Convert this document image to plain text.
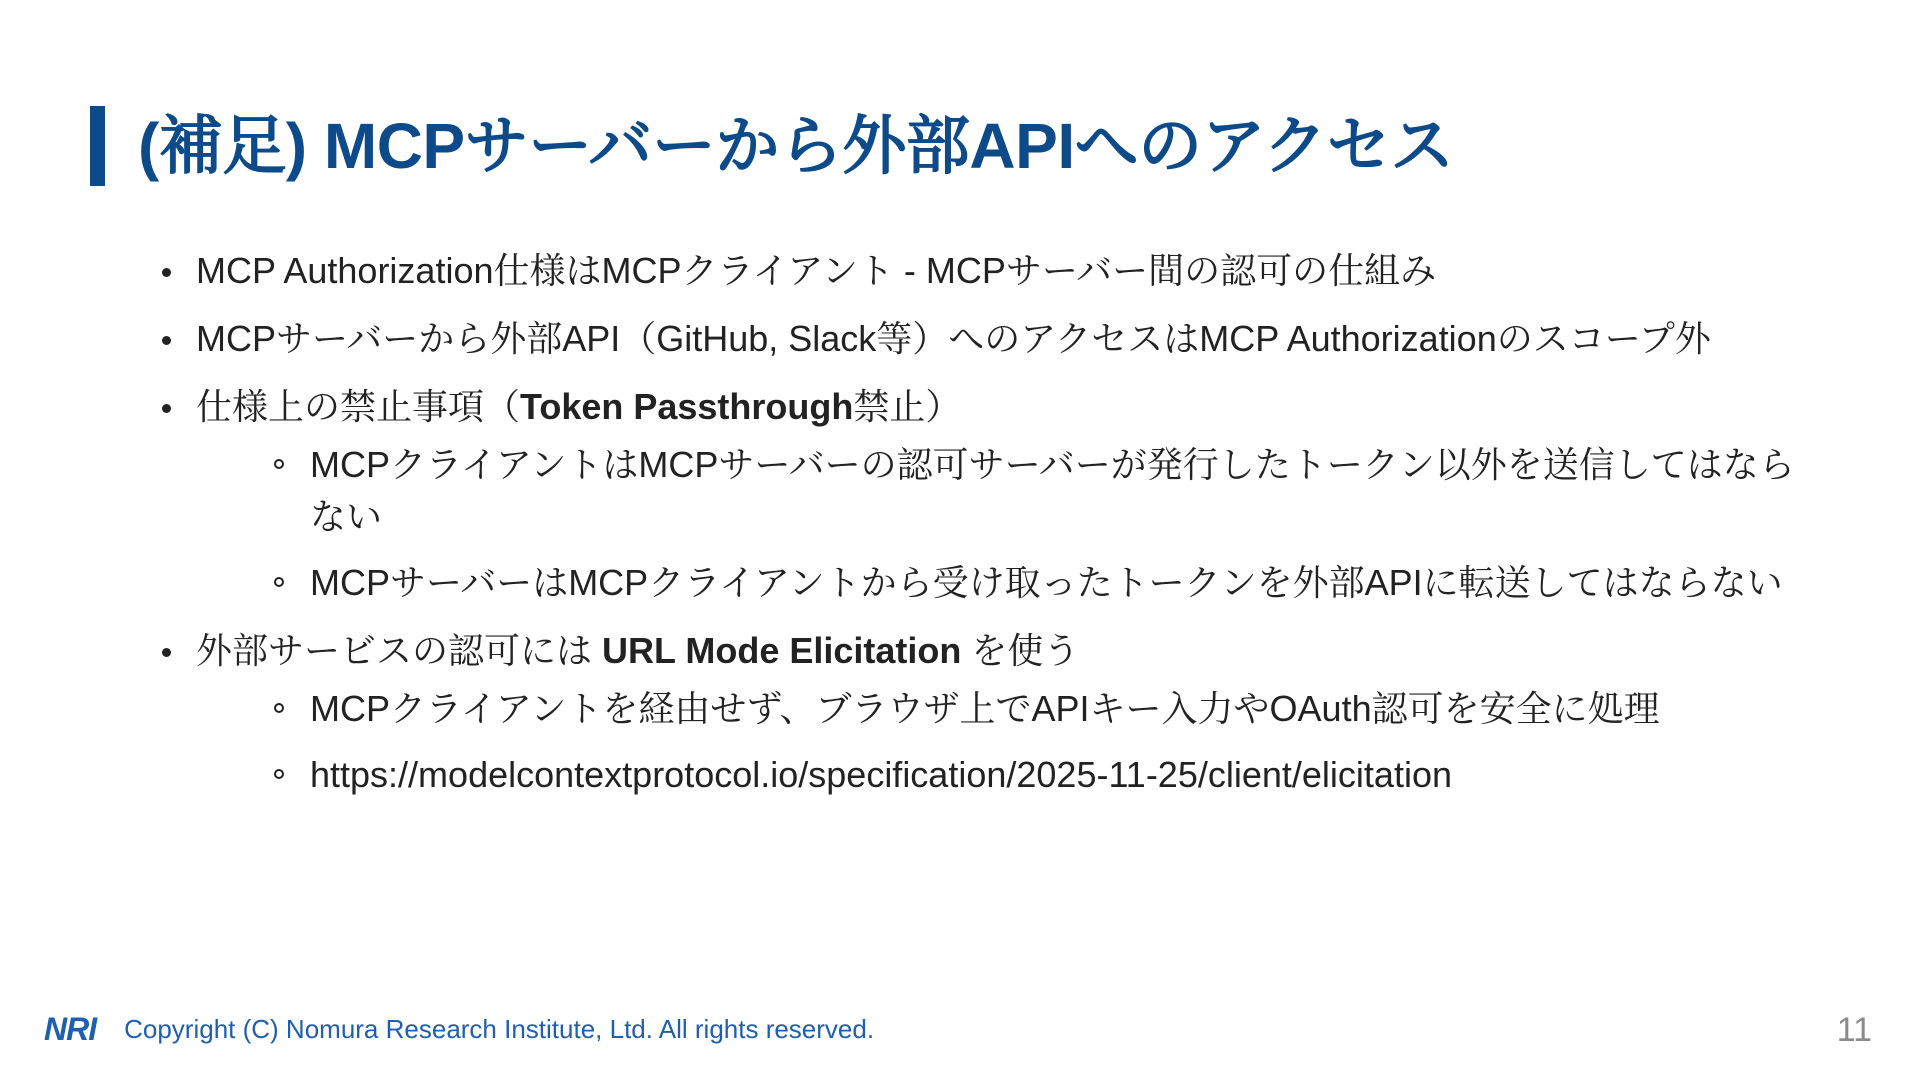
(補足) MCPサーバーから外部APIへのアクセス
MCP Authorization仕様はMCPクライアント - MCPサーバー間の認可の仕組み
MCPサーバーから外部API（GitHub, Slack等）へのアクセスはMCP Authorizationのスコープ外
仕様上の禁止事項（Token Passthrough禁止）
MCPクライアントはMCPサーバーの認可サーバーが発行したトークン以外を送信してはならない
MCPサーバーはMCPクライアントから受け取ったトークンを外部APIに転送してはならない
外部サービスの認可には URL Mode Elicitation を使う
MCPクライアントを経由せず、ブラウザ上でAPIキー入力やOAuth認可を安全に処理
https://modelcontextprotocol.io/specification/2025-11-25/client/elicitation
NRI Copyright (C) Nomura Research Institute, Ltd. All rights reserved.	11
